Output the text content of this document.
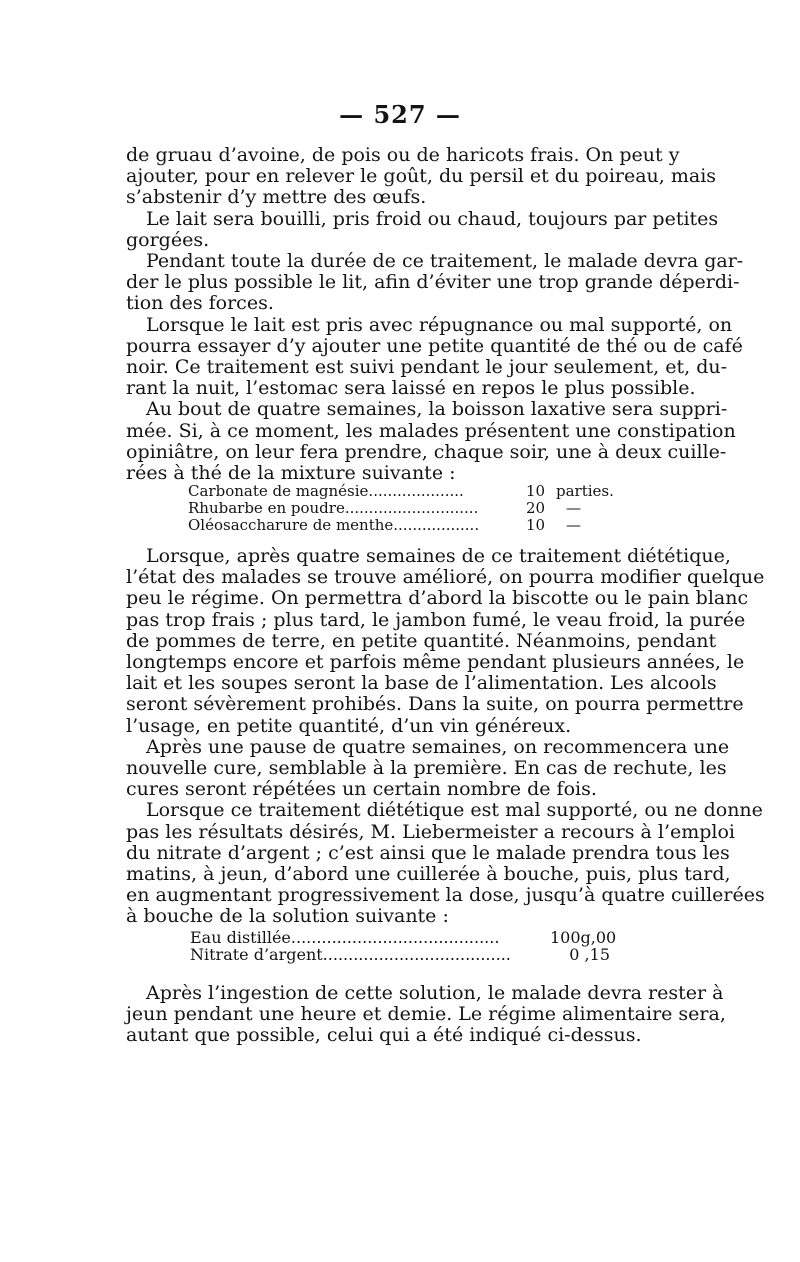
— 527 —
de gruau d’avoine, de pois ou de haricots frais. On peut y
ajouter, pour en relever le goût, du persil et du poireau, mais
s’abstenir d’y mettre des œufs.
Le lait sera bouilli, pris froid ou chaud, toujours par petites
gorgées.
Pendant toute la durée de ce traitement, le malade devra gar-
der le plus possible le lit, afin d’éviter une trop grande déperdi-
tion des forces.
Lorsque le lait est pris avec répugnance ou mal supporté, on
pourra essayer d’y ajouter une petite quantité de thé ou de café
noir. Ce traitement est suivi pendant le jour seulement, et, du-
rant la nuit, l’estomac sera laissé en repos le plus possible.
Au bout de quatre semaines, la boisson laxative sera suppri-
mée. Si, à ce moment, les malades présentent une constipation
opiniâtre, on leur fera prendre, chaque soir, une à deux cuille-
rées à thé de la mixture suivante :
Carbonate de magnésie....................	10 parties.
Rhubarbe en poudre............................	20 —
Oléosaccharure de menthe..................	10 —
Lorsque, après quatre semaines de ce traitement diététique,
l’état des malades se trouve amélioré, on pourra modifier quelque
peu le régime. On permettra d’abord la biscotte ou le pain blanc
pas trop frais ; plus tard, le jambon fumé, le veau froid, la purée
de pommes de terre, en petite quantité. Néanmoins, pendant
longtemps encore et parfois même pendant plusieurs années, le
lait et les soupes seront la base de l’alimentation. Les alcools
seront sévèrement prohibés. Dans la suite, on pourra permettre
l’usage, en petite quantité, d’un vin généreux.
Après une pause de quatre semaines, on recommencera une
nouvelle cure, semblable à la première. En cas de rechute, les
cures seront répétées un certain nombre de fois.
Lorsque ce traitement diététique est mal supporté, ou ne donne
pas les résultats désirés, M. Liebermeister a recours à l’emploi
du nitrate d’argent ; c’est ainsi que le malade prendra tous les
matins, à jeun, d’abord une cuillerée à bouche, puis, plus tard,
en augmentant progressivement la dose, jusqu’à quatre cuillerées
à bouche de la solution suivante :
Eau distillée.........................................	100g,00
Nitrate d’argent.....................................	0 ,15
Après l’ingestion de cette solution, le malade devra rester à
jeun pendant une heure et demie. Le régime alimentaire sera,
autant que possible, celui qui a été indiqué ci-dessus.
